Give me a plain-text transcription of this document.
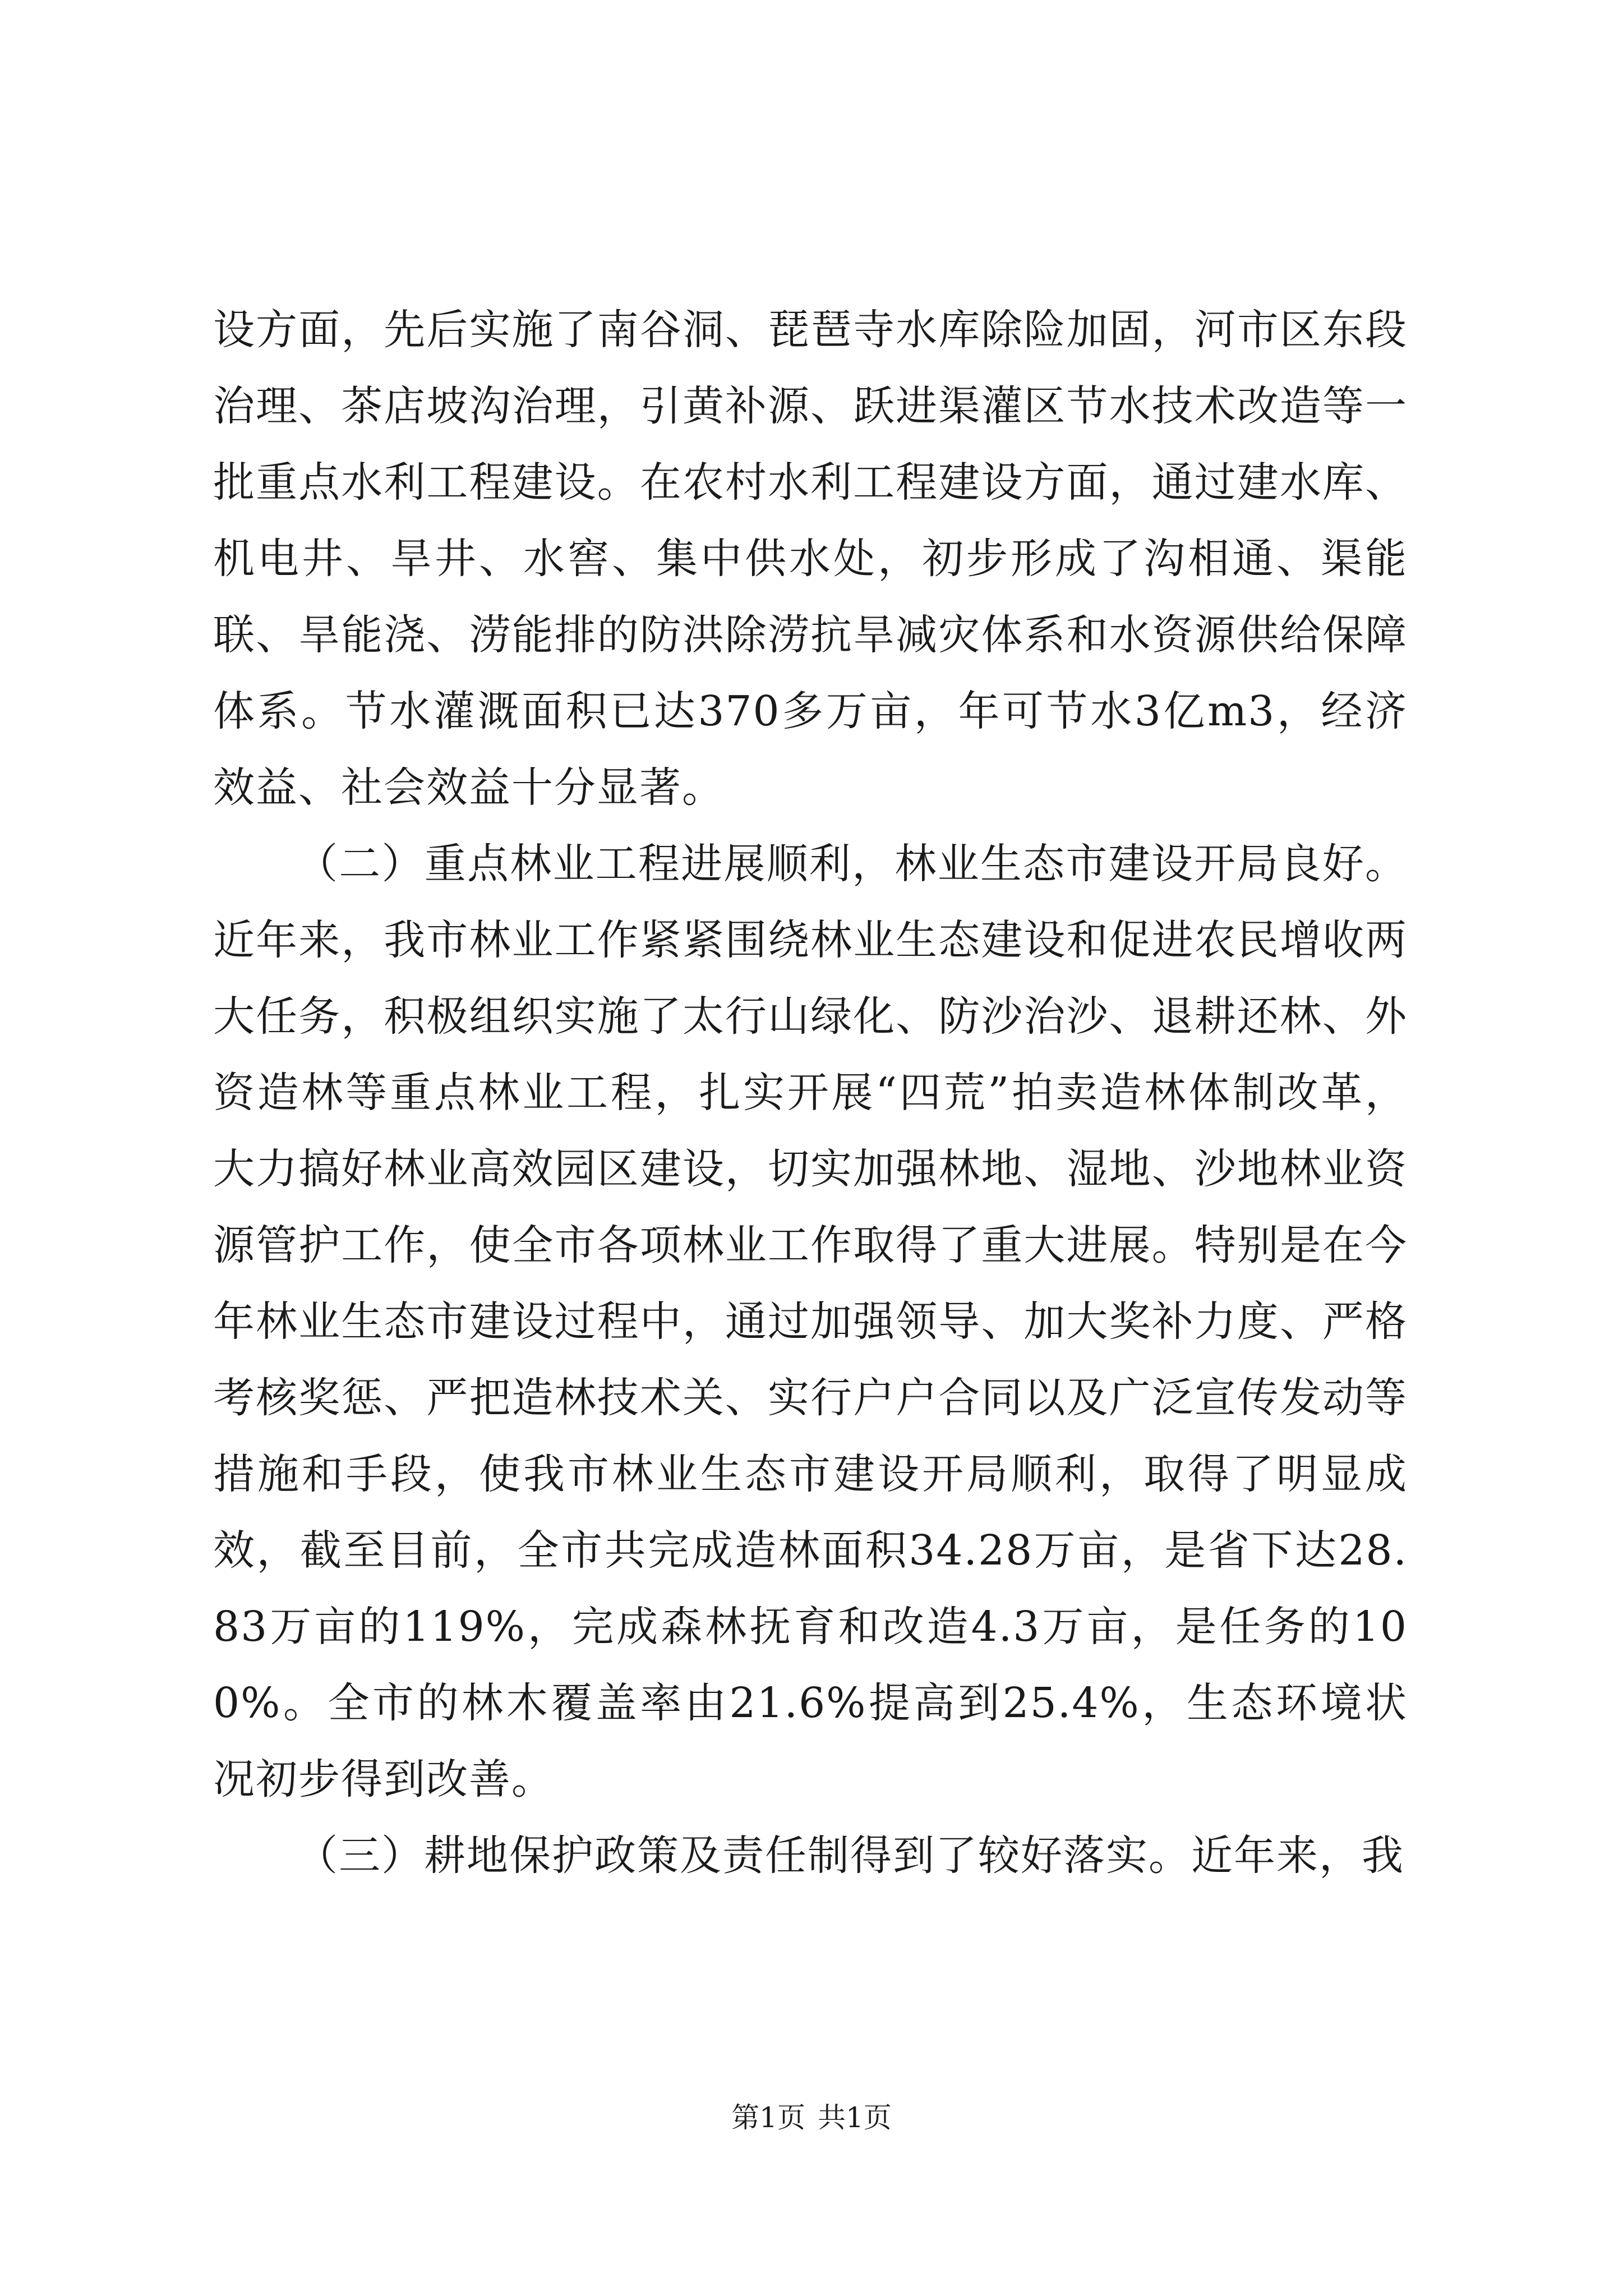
设方面，先后实施了南谷洞、琵琶寺水库除险加固，河市区东段治理、茶店坡沟治理，引黄补源、跃进渠灌区节水技术改造等一批重点水利工程建设。在农村水利工程建设方面，通过建水库、机电井、旱井、水窖、集中供水处，初步形成了沟相通、渠能联、旱能浇、涝能排的防洪除涝抗旱减灾体系和水资源供给保障体系。节水灌溉面积已达370多万亩，年可节水3亿m3，经济效益、社会效益十分显著。

（二）重点林业工程进展顺利，林业生态市建设开局良好。近年来，我市林业工作紧紧围绕林业生态建设和促进农民增收两大任务，积极组织实施了太行山绿化、防沙治沙、退耕还林、外资造林等重点林业工程，扎实开展“四荒”拍卖造林体制改革，大力搞好林业高效园区建设，切实加强林地、湿地、沙地林业资源管护工作，使全市各项林业工作取得了重大进展。特别是在今年林业生态市建设过程中，通过加强领导、加大奖补力度、严格考核奖惩、严把造林技术关、实行户户合同以及广泛宣传发动等措施和手段，使我市林业生态市建设开局顺利，取得了明显成效，截至目前，全市共完成造林面积34.28万亩，是省下达28.83万亩的119%，完成森林抚育和改造4.3万亩，是任务的100%。全市的林木覆盖率由21.6%提高到25.4%，生态环境状况初步得到改善。

（三）耕地保护政策及责任制得到了较好落实。近年来，我

第1页 共1页
